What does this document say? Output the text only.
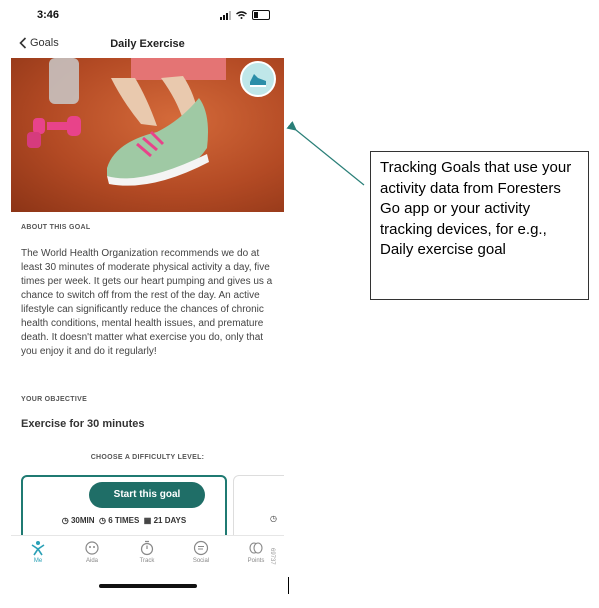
3:46
Goals	Daily Exercise
ABOUT THIS GOAL
The World Health Organization recommends we do at least 30 minutes of moderate physical activity a day, five times per week. It gets our heart pumping and gives us a chance to switch off from the rest of the day. An active lifestyle can significantly reduce the chances of chronic health conditions, mental health issues, and premature death. It doesn't matter what exercise you do, only that you enjoy it and do it regularly!
YOUR OBJECTIVE
Exercise for 30 minutes
CHOOSE A DIFFICULTY LEVEL:
Start this goal
◷ 30MIN ◷ 6 TIMES ▦ 21 DAYS	◷
Me	Aida	Track	Social	Points 69737
Tracking Goals that use your activity data from Foresters Go app or your activity tracking devices, for e.g., Daily exercise goal
